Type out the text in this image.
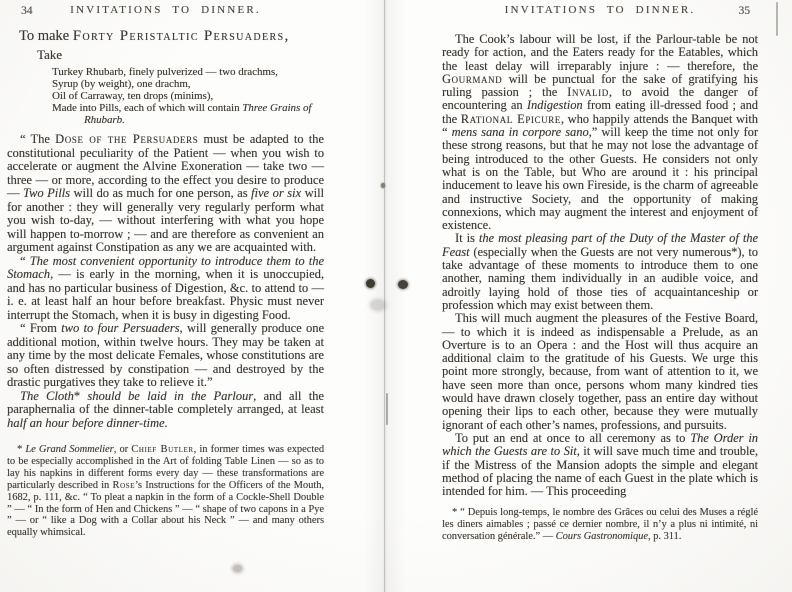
34	INVITATIONS TO DINNER.
To make Forty Peristaltic Persuaders,
Take

Turkey Rhubarb, finely pulverized — two drachms,

Syrup (by weight), one drachm,

Oil of Carraway, ten drops (minims),

Made into Pills, each of which will contain Three Grains of Rhubarb.

“ The Dose of the Persuaders must be adapted to the constitutional peculiarity of the Patient — when you wish to accelerate or augment the Alvine Exoneration — take two — three — or more, according to the effect you desire to produce — Two Pills will do as much for one person, as five or six will for another : they will generally very regularly perform what you wish to-day, — without interfering with what you hope will happen to-morrow ; — and are therefore as convenient an argument against Constipation as any we are acquainted with.

“ The most convenient opportunity to introduce them to the Stomach, — is early in the morning, when it is unoccupied, and has no particular business of Digestion, &c. to attend to — i. e. at least half an hour before breakfast. Physic must never interrupt the Stomach, when it is busy in digesting Food.

“ From two to four Persuaders, will generally produce one additional motion, within twelve hours. They may be taken at any time by the most delicate Females, whose constitutions are so often distressed by constipation — and destroyed by the drastic purgatives they take to relieve it.”

The Cloth* should be laid in the Parlour, and all the paraphernalia of the dinner-table completely arranged, at least half an hour before dinner-time.

* Le Grand Sommelier, or Chief Butler, in former times was expected to be especially accomplished in the Art of folding Table Linen — so as to lay his napkins in different forms every day — these transformations are particularly described in Rose’s Instructions for the Officers of the Mouth, 1682, p. 111, &c. “ To pleat a napkin in the form of a Cockle-Shell Double ” — “ In the form of Hen and Chickens ” — “ shape of two capons in a Pye ” — or “ like a Dog with a Collar about his Neck ” — and many others equally whimsical.

INVITATIONS TO DINNER.	35

The Cook’s labour will be lost, if the Parlour-table be not ready for action, and the Eaters ready for the Eatables, which the least delay will irreparably injure : — therefore, the Gourmand will be punctual for the sake of gratifying his ruling passion ; the Invalid, to avoid the danger of encountering an Indigestion from eating ill-dressed food ; and the Rational Epicure, who happily attends the Banquet with “ mens sana in corpore sano,” will keep the time not only for these strong reasons, but that he may not lose the advantage of being introduced to the other Guests. He considers not only what is on the Table, but Who are around it : his principal inducement to leave his own Fireside, is the charm of agreeable and instructive Society, and the opportunity of making connexions, which may augment the interest and enjoyment of existence.

It is the most pleasing part of the Duty of the Master of the Feast (especially when the Guests are not very numerous*), to take advantage of these moments to introduce them to one another, naming them individually in an audible voice, and adroitly laying hold of those ties of acquaintanceship or profession which may exist between them.

This will much augment the pleasures of the Festive Board, — to which it is indeed as indispensable a Prelude, as an Overture is to an Opera : and the Host will thus acquire an additional claim to the gratitude of his Guests. We urge this point more strongly, because, from want of attention to it, we have seen more than once, persons whom many kindred ties would have drawn closely together, pass an entire day without opening their lips to each other, because they were mutually ignorant of each other’s names, professions, and pursuits.

To put an end at once to all ceremony as to The Order in which the Guests are to Sit, it will save much time and trouble, if the Mistress of the Mansion adopts the simple and elegant method of placing the name of each Guest in the plate which is intended for him. — This proceeding

* “ Depuis long-temps, le nombre des Grâces ou celui des Muses a réglé les diners aimables ; passé ce dernier nombre, il n’y a plus ni intimité, ni conversation générale.” — Cours Gastronomique, p. 311.
